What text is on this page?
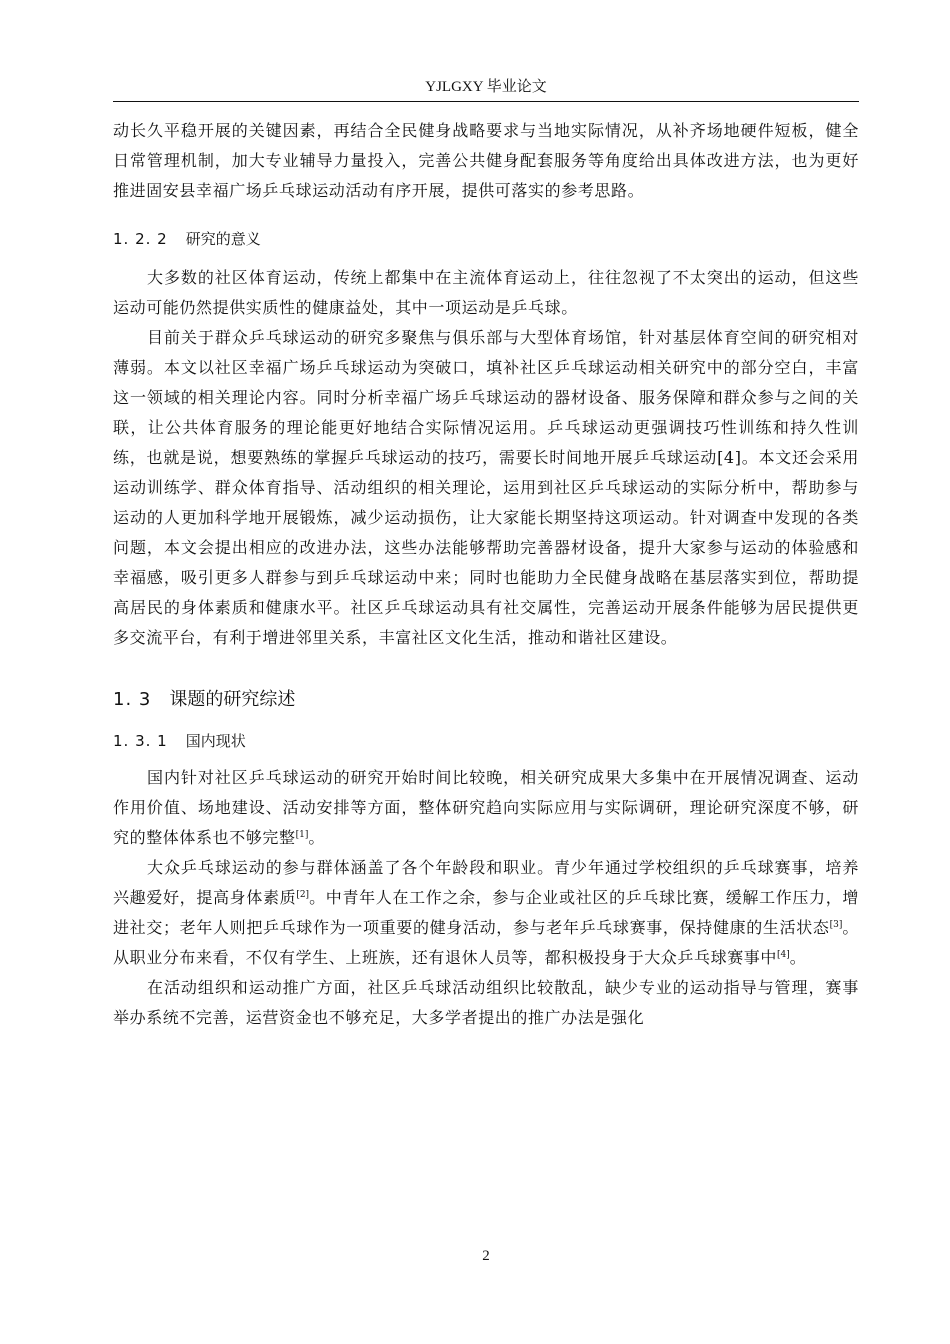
YJLGXY 毕业论文

动长久平稳开展的关键因素，再结合全民健身战略要求与当地实际情况，从补齐场地硬件短板，健全日常管理机制，加大专业辅导力量投入，完善公共健身配套服务等角度给出具体改进方法，也为更好推进固安县幸福广场乒乓球运动活动有序开展，提供可落实的参考思路。

1. 2. 2 研究的意义

大多数的社区体育运动，传统上都集中在主流体育运动上，往往忽视了不太突出的运动，但这些运动可能仍然提供实质性的健康益处，其中一项运动是乒乓球。

目前关于群众乒乓球运动的研究多聚焦与俱乐部与大型体育场馆，针对基层体育空间的研究相对薄弱。本文以社区幸福广场乒乓球运动为突破口，填补社区乒乓球运动相关研究中的部分空白，丰富这一领域的相关理论内容。同时分析幸福广场乒乓球运动的器材设备、服务保障和群众参与之间的关联，让公共体育服务的理论能更好地结合实际情况运用。乒乓球运动更强调技巧性训练和持久性训练，也就是说，想要熟练的掌握乒乓球运动的技巧，需要长时间地开展乒乓球运动[4]。本文还会采用运动训练学、群众体育指导、活动组织的相关理论，运用到社区乒乓球运动的实际分析中，帮助参与运动的人更加科学地开展锻炼，减少运动损伤，让大家能长期坚持这项运动。针对调查中发现的各类问题，本文会提出相应的改进办法，这些办法能够帮助完善器材设备，提升大家参与运动的体验感和幸福感，吸引更多人群参与到乒乓球运动中来；同时也能助力全民健身战略在基层落实到位，帮助提高居民的身体素质和健康水平。社区乒乓球运动具有社交属性，完善运动开展条件能够为居民提供更多交流平台，有利于增进邻里关系，丰富社区文化生活，推动和谐社区建设。

1. 3 课题的研究综述
1. 3. 1 国内现状

国内针对社区乒乓球运动的研究开始时间比较晚，相关研究成果大多集中在开展情况调查、运动作用价值、场地建设、活动安排等方面，整体研究趋向实际应用与实际调研，理论研究深度不够，研究的整体体系也不够完整[1]。

大众乒乓球运动的参与群体涵盖了各个年龄段和职业。青少年通过学校组织的乒乓球赛事，培养兴趣爱好，提高身体素质[2]。中青年人在工作之余，参与企业或社区的乒乓球比赛，缓解工作压力，增进社交；老年人则把乒乓球作为一项重要的健身活动，参与老年乒乓球赛事，保持健康的生活状态[3]。从职业分布来看，不仅有学生、上班族，还有退休人员等，都积极投身于大众乒乓球赛事中[4]。

在活动组织和运动推广方面，社区乒乓球活动组织比较散乱，缺少专业的运动指导与管理，赛事举办系统不完善，运营资金也不够充足，大多学者提出的推广办法是强化

2
